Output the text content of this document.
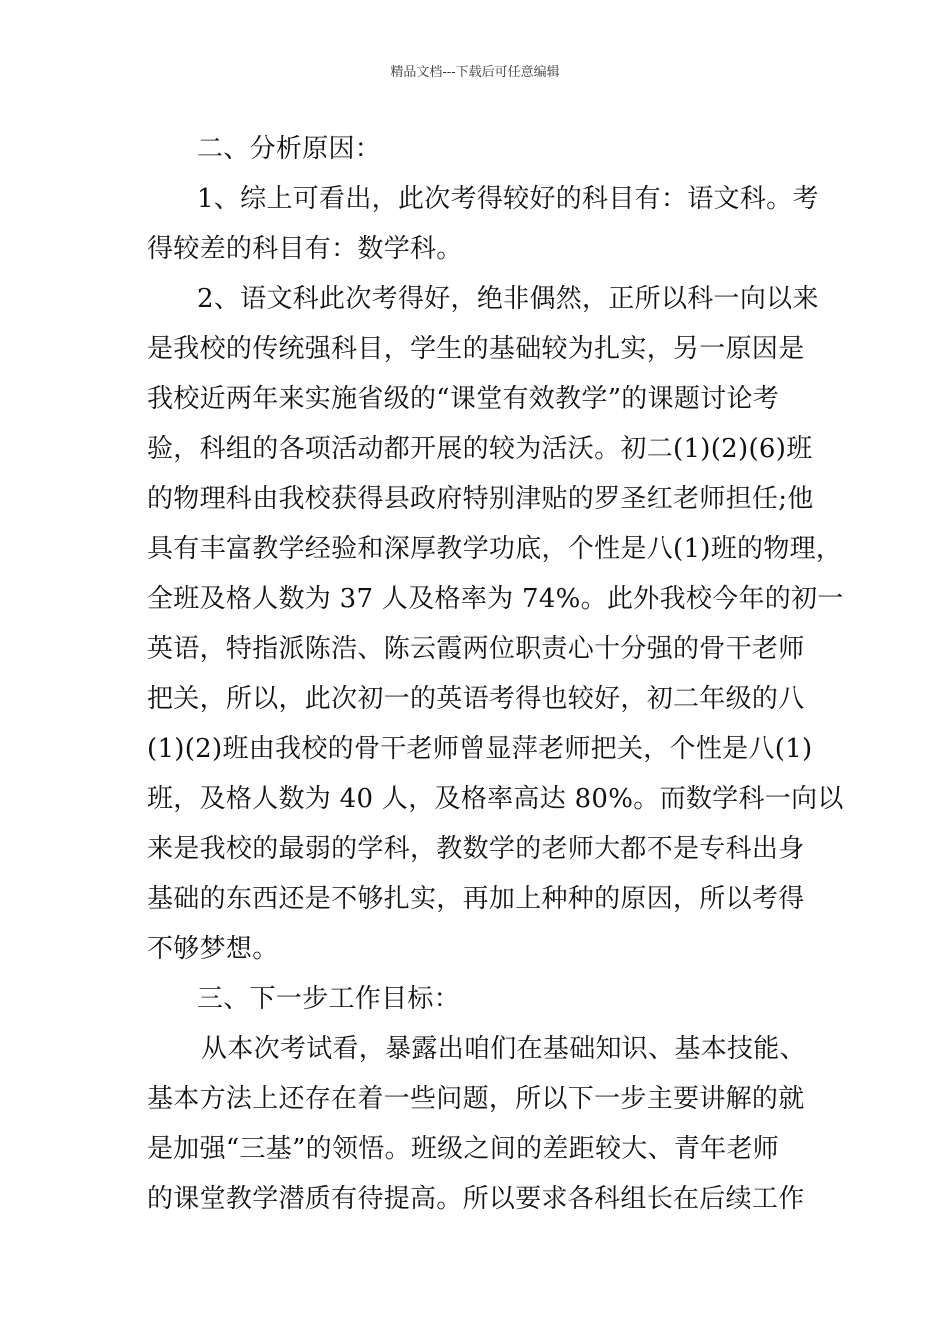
精品文档---下载后可任意编辑
二、分析原因：
1、综上可看出，此次考得较好的科目有：语文科。考
得较差的科目有：数学科。
2、语文科此次考得好，绝非偶然，正所以科一向以来
是我校的传统强科目，学生的基础较为扎实，另一原因是
我校近两年来实施省级的“课堂有效教学”的课题讨论考
验，科组的各项活动都开展的较为活沃。初二(1)(2)(6)班
的物理科由我校获得县政府特别津贴的罗圣红老师担任;他
具有丰富教学经验和深厚教学功底，个性是八(1)班的物理，
全班及格人数为 37 人及格率为 74%。此外我校今年的初一
英语，特指派陈浩、陈云霞两位职责心十分强的骨干老师
把关，所以，此次初一的英语考得也较好，初二年级的八
(1)(2)班由我校的骨干老师曾显萍老师把关，个性是八(1)
班，及格人数为 40 人，及格率高达 80%。而数学科一向以
来是我校的最弱的学科，教数学的老师大都不是专科出身
基础的东西还是不够扎实，再加上种种的原因，所以考得
不够梦想。
三、下一步工作目标：
从本次考试看，暴露出咱们在基础知识、基本技能、
基本方法上还存在着一些问题，所以下一步主要讲解的就
是加强“三基”的领悟。班级之间的差距较大、青年老师
的课堂教学潜质有待提高。所以要求各科组长在后续工作
